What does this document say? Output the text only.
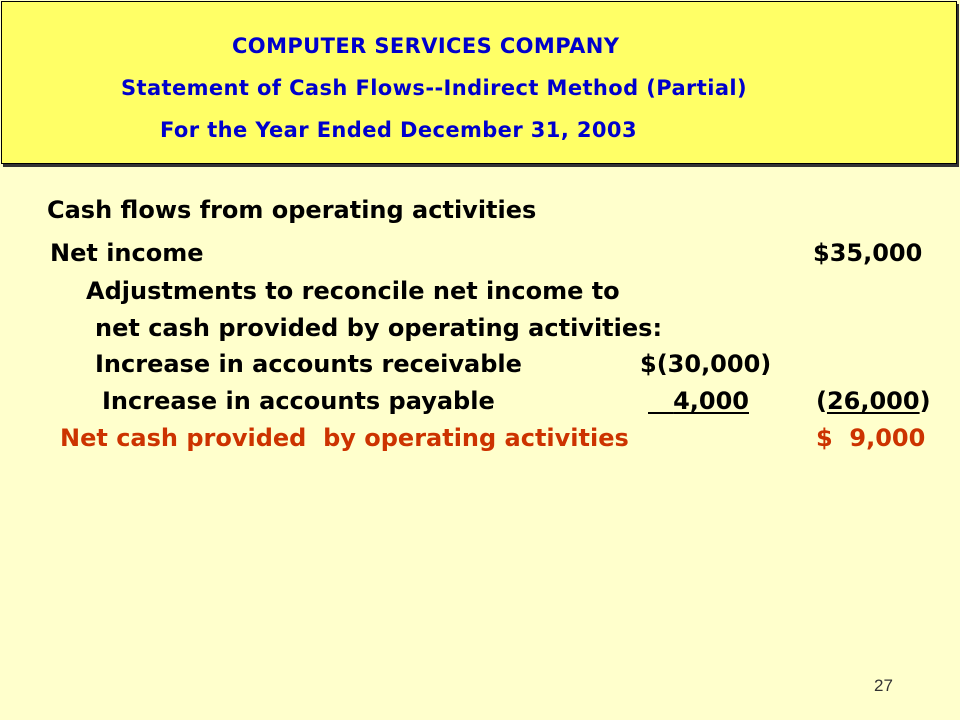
COMPUTER SERVICES COMPANY
Statement of Cash Flows--Indirect Method (Partial)
For the Year Ended December 31, 2003
Cash flows from operating activities
Net income	$35,000
Adjustments to reconcile net income to
net cash provided by operating activities:
Increase in accounts receivable	$(30,000)
Increase in accounts payable	4,000	(26,000)
Net cash provided  by operating activities	$  9,000
27
